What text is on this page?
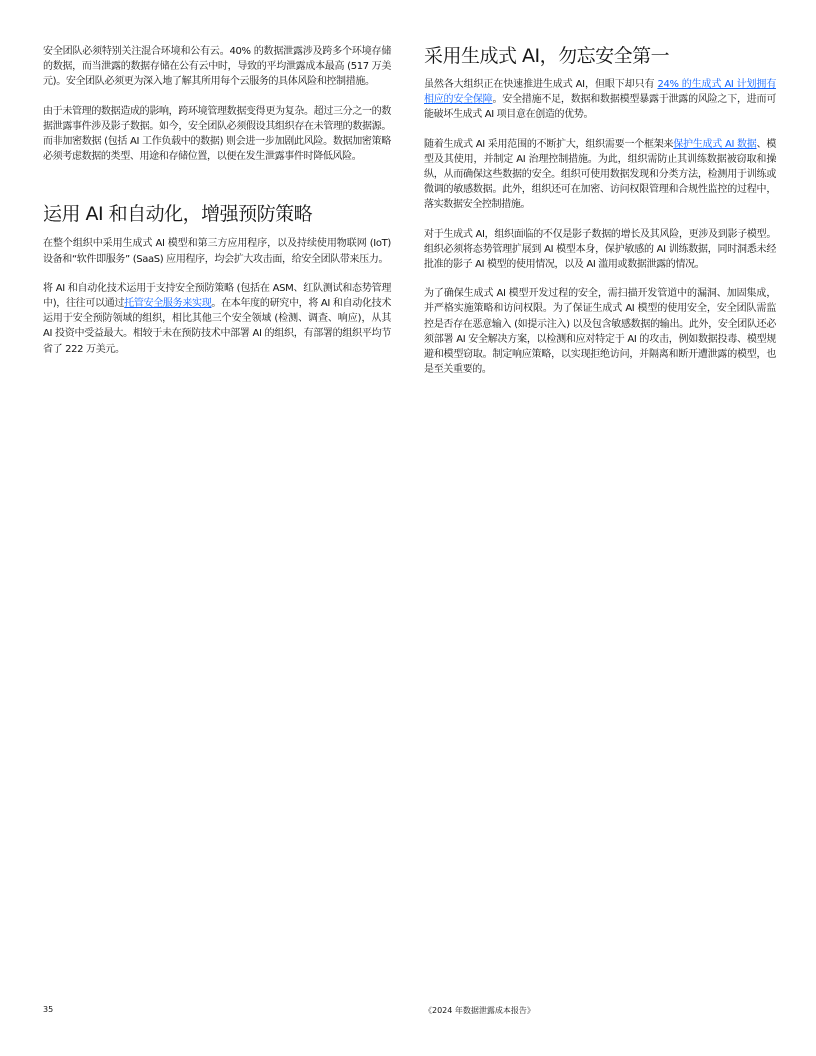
安全团队必须特别关注混合环境和公有云。40% 的数据泄露涉及跨多个环境存储的数据，而当泄露的数据存储在公有云中时，导致的平均泄露成本最高 (517 万美元)。安全团队必须更为深入地了解其所用每个云服务的具体风险和控制措施。

由于未管理的数据造成的影响，跨环境管理数据变得更为复杂。超过三分之一的数据泄露事件涉及影子数据。如今，安全团队必须假设其组织存在未管理的数据源。而非加密数据 (包括 AI 工作负载中的数据) 则会进一步加剧此风险。数据加密策略必须考虑数据的类型、用途和存储位置，以便在发生泄露事件时降低风险。

运用 AI 和自动化，增强预防策略

在整个组织中采用生成式 AI 模型和第三方应用程序，以及持续使用物联网 (IoT) 设备和“软件即服务” (SaaS) 应用程序，均会扩大攻击面，给安全团队带来压力。

将 AI 和自动化技术运用于支持安全预防策略 (包括在 ASM、红队测试和态势管理中)，往往可以通过托管安全服务来实现。在本年度的研究中，将 AI 和自动化技术运用于安全预防领域的组织，相比其他三个安全领域 (检测、调查、响应)，从其 AI 投资中受益最大。相较于未在预防技术中部署 AI 的组织，有部署的组织平均节省了 222 万美元。

采用生成式 AI，勿忘安全第一

虽然各大组织正在快速推进生成式 AI，但眼下却只有 24% 的生成式 AI 计划拥有相应的安全保障。安全措施不足，数据和数据模型暴露于泄露的风险之下，进而可能破坏生成式 AI 项目意在创造的优势。

随着生成式 AI 采用范围的不断扩大，组织需要一个框架来保护生成式 AI 数据、模型及其使用，并制定 AI 治理控制措施。为此，组织需防止其训练数据被窃取和操纵，从而确保这些数据的安全。组织可使用数据发现和分类方法，检测用于训练或微调的敏感数据。此外，组织还可在加密、访问权限管理和合规性监控的过程中，落实数据安全控制措施。

对于生成式 AI，组织面临的不仅是影子数据的增长及其风险，更涉及到影子模型。组织必须将态势管理扩展到 AI 模型本身，保护敏感的 AI 训练数据，同时洞悉未经批准的影子 AI 模型的使用情况，以及 AI 滥用或数据泄露的情况。

为了确保生成式 AI 模型开发过程的安全，需扫描开发管道中的漏洞、加固集成，并严格实施策略和访问权限。为了保证生成式 AI 模型的使用安全，安全团队需监控是否存在恶意输入 (如提示注入) 以及包含敏感数据的输出。此外，安全团队还必须部署 AI 安全解决方案，以检测和应对特定于 AI 的攻击，例如数据投毒、模型规避和模型窃取。制定响应策略，以实现拒绝访问，并隔离和断开遭泄露的模型，也是至关重要的。

35	《2024 年数据泄露成本报告》
